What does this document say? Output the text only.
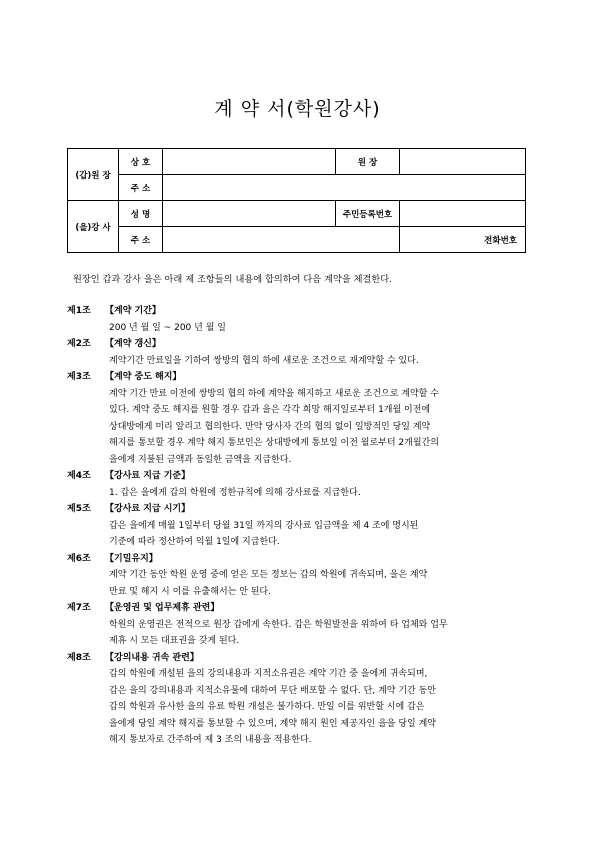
계 약 서(학원강사)
(갑)원 장	상 호		원 장	
	주 소			
(을)강 사	성 명		주민등록번호	
	주 소			전화번호
원장인 갑과 강사 을은 아래 제 조항들의 내용에 합의하여 다음 계약을 체결한다.
제1조 【계약 기간】
200 년 월 일 ~ 200 년 월 일
제2조 【계약 갱신】
계약기간 만료일을 기하여 쌍방의 협의 하에 새로운 조건으로 재계약할 수 있다.
제3조 【계약 중도 해지】
계약 기간 만료 이전에 쌍방의 협의 하에 계약을 해지하고 새로운 조건으로 계약할 수
있다. 계약 중도 해지를 원할 경우 갑과 을은 각각 희망 해지일로부터 1개월 이전에
상대방에게 미리 알리고 협의한다. 만약 당사자 간의 협의 없이 일방적인 당일 계약
해지를 통보할 경우 계약 해지 통보인은 상대방에게 통보일 이전 월로부터 2개월간의
을에게 지불된 금액과 동일한 금액을 지급한다.
제4조 【강사료 지급 기준】
1. 갑은 을에게 갑의 학원에 정한규칙에 의해 강사료를 지급한다.
제5조 【강사료 지급 시기】
갑은 을에게 매월 1일부터 당월 31일 까지의 강사료 입금액을 제 4 조에 명시된
기준에 따라 정산하여 익월 1일에 지급한다.
제6조 【기밀유지】
계약 기간 동안 학원 운영 중에 얻은 모든 정보는 갑의 학원에 귀속되며, 을은 계약
만료 및 해지 시 이를 유출해서는 안 된다.
제7조 【운영권 및 업무제휴 관련】
학원의 운영권은 전적으로 원장 갑에게 속한다. 갑은 학원발전을 위하여 타 업체와 업무
제휴 시 모든 대표권을 갖게 된다.
제8조 【강의내용 귀속 관련】
갑의 학원에 개설된 을의 강의내용과 지적소유권은 계약 기간 중 을에게 귀속되며,
갑은 을의 강의내용과 지적소유물에 대하여 무단 배포할 수 없다. 단, 계약 기간 동안
갑의 학원과 유사한 을의 유료 학원 개설은 불가하다. 만일 이를 위반할 시에 갑은
을에게 당일 계약 해지를 통보할 수 있으며, 계약 해지 원인 제공자인 을을 당일 계약
해지 통보자로 간주하여 제 3 조의 내용을 적용한다.
